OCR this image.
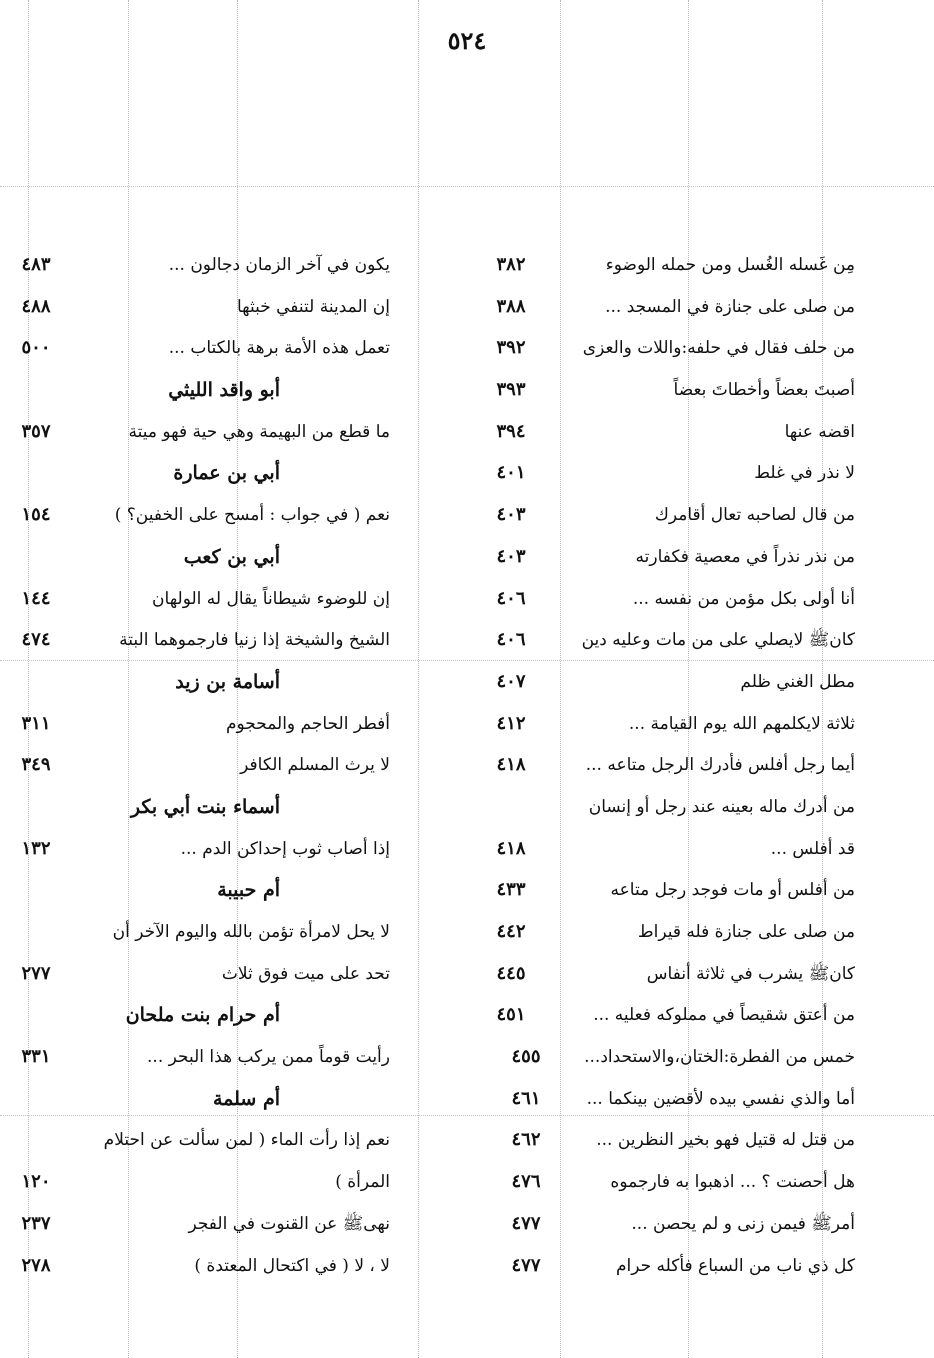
٥٢٤
مِن غَسله الغُسل ومن حمله الوضوء
٣٨٢
من صلى على جنازة في المسجد ...
٣٨٨
من حلف فقال في حلفه:واللات والعزى
٣٩٢
أصبتَ بعضاً وأخطاتَ بعضاً
٣٩٣
اقضه عنها
٣٩٤
لا نذر في غلط
٤٠١
من قال لصاحبه تعال أقامرك
٤٠٣
من نذر نذراً في معصية فكفارته
٤٠٣
أنا أولى بكل مؤمن من نفسه ...
٤٠٦
كانﷺ لايصلي على من مات وعليه دين
٤٠٦
مطل الغني ظلم
٤٠٧
ثلاثة لايكلمهم الله يوم القيامة ...
٤١٢
أيما رجل أفلس فأدرك الرجل متاعه ...
٤١٨
من أدرك ماله بعينه عند رجل أو إنسان
قد أفلس ...
٤١٨
من أفلس أو مات فوجد رجل متاعه
٤٣٣
من صلى على جنازة فله قيراط
٤٤٢
كانﷺ يشرب في ثلاثة أنفاس
٤٤٥
من أعتق شقيصاً في مملوكه فعليه ...
٤٥١
خمس من الفطرة:الختان،والاستحداد...
٤٥٥
أما والذي نفسي بيده لأقضين بينكما ...
٤٦١
من قتل له قتيل فهو بخير النظرين ...
٤٦٢
هل أحصنت ؟ ... اذهبوا به فارجموه
٤٧٦
أمرﷺ فيمن زنى و لم يحصن ...
٤٧٧
كل ذي ناب من السباع فأكله حرام
٤٧٧
يكون في آخر الزمان دجالون ...
٤٨٣
إن المدينة لتنفي خبثها
٤٨٨
تعمل هذه الأمة برهة بالكتاب ...
٥٠٠
أبو واقد الليثي
ما قطع من البهيمة وهي حية فهو ميتة
٣٥٧
أبي بن عمارة
نعم ( في جواب : أمسح على الخفين؟ )
١٥٤
أبي بن كعب
إن للوضوء شيطاناً يقال له الولهان
١٤٤
الشيخ والشيخة إذا زنيا فارجموهما البتة
٤٧٤
أسامة بن زيد
أفطر الحاجم والمحجوم
٣١١
لا يرث المسلم الكافر
٣٤٩
أسماء بنت أبي بكر
إذا أصاب ثوب إحداكن الدم ...
١٣٢
أم حبيبة
لا يحل لامرأة تؤمن بالله واليوم الآخر أن
تحد على ميت فوق ثلاث
٢٧٧
أم حرام بنت ملحان
رأيت قوماً ممن يركب هذا البحر ...
٣٣١
أم سلمة
نعم إذا رأت الماء ( لمن سألت عن احتلام
المرأة )
١٢٠
نهىﷺ عن القنوت في الفجر
٢٣٧
لا ، لا ( في اكتحال المعتدة )
٢٧٨
